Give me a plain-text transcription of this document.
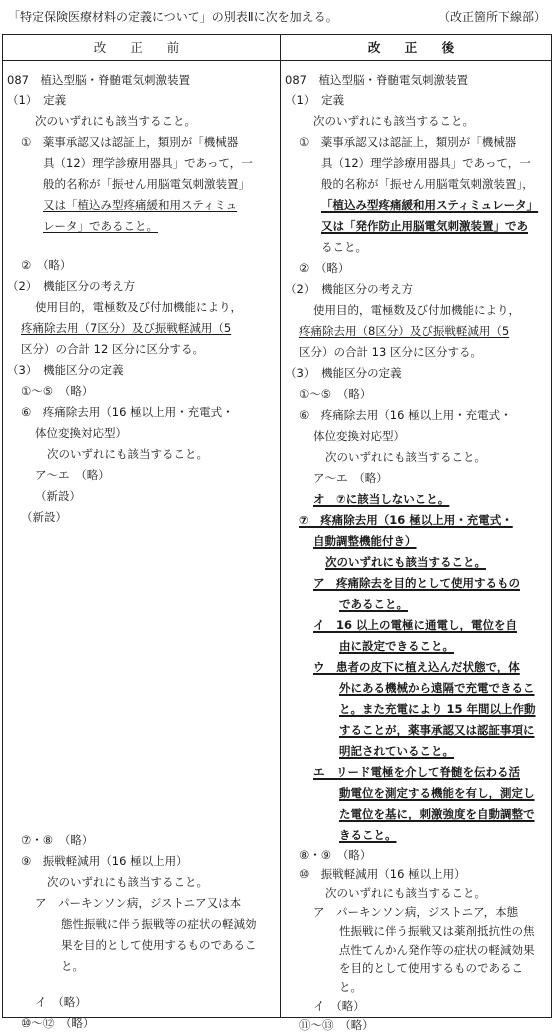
「特定保険医療材料の定義について」の別表Ⅱに次を加える。	（改正箇所下線部）
改 正 前	改 正 後
087　植込型脳・脊髄電気刺激装置
（1）　定義
次のいずれにも該当すること。
①　薬事承認又は認証上，類別が「機械器
具（12）理学診療用器具」であって，一
般的名称が「振せん用脳電気刺激装置」
又は「植込み型疼痛緩和用スティミュ
レータ」であること。
②　（略）
（2）　機能区分の考え方
使用目的，電極数及び付加機能により，
疼痛除去用（7区分）及び振戦軽減用（5
区分）の合計 12 区分に区分する。
（3）　機能区分の定義
①～⑤　（略）
⑥　疼痛除去用（16 極以上用・充電式・
体位変換対応型）
次のいずれにも該当すること。
ア～エ　（略）
（新設）
（新設）
⑦・⑧　（略）
⑨　振戦軽減用（16 極以上用）
次のいずれにも該当すること。
ア　パーキンソン病，ジストニア又は本
態性振戦に伴う振戦等の症状の軽減効
果を目的として使用するものであるこ
と。
イ　（略）
⑩～⑫　（略）
087　植込型脳・脊髄電気刺激装置
（1）　定義
次のいずれにも該当すること。
①　薬事承認又は認証上，類別が「機械器
具（12）理学診療用器具」であって，一
般的名称が「振せん用脳電気刺激装置」，
「植込み型疼痛緩和用スティミュレータ」
又は「発作防止用脳電気刺激装置」であ
ること。
②　（略）
（2）　機能区分の考え方
使用目的，電極数及び付加機能により，
疼痛除去用（8区分）及び振戦軽減用（5
区分）の合計 13 区分に区分する。
（3）　機能区分の定義
①～⑤　（略）
⑥　疼痛除去用（16 極以上用・充電式・
体位変換対応型）
次のいずれにも該当すること。
ア～エ　（略）
オ　⑦に該当しないこと。
⑦　疼痛除去用（16 極以上用・充電式・
自動調整機能付き）
次のいずれにも該当すること。
ア　疼痛除去を目的として使用するもの
であること。
イ　16 以上の電極に通電し，電位を自
由に設定できること。
ウ　患者の皮下に植え込んだ状態で，体
外にある機械から遠隔で充電できるこ
と。また充電により 15 年間以上作動
することが，薬事承認又は認証事項に
明記されていること。
エ　リード電極を介して脊髄を伝わる活
動電位を測定する機能を有し，測定し
た電位を基に，刺激強度を自動調整で
きること。
⑧・⑨　（略）
⑩　振戦軽減用（16 極以上用）
次のいずれにも該当すること。
ア　パーキンソン病，ジストニア，本態
性振戦に伴う振戦又は薬剤抵抗性の焦
点性てんかん発作等の症状の軽減効果
を目的として使用するものであるこ
と。
イ　（略）
⑪～⑬　（略）
